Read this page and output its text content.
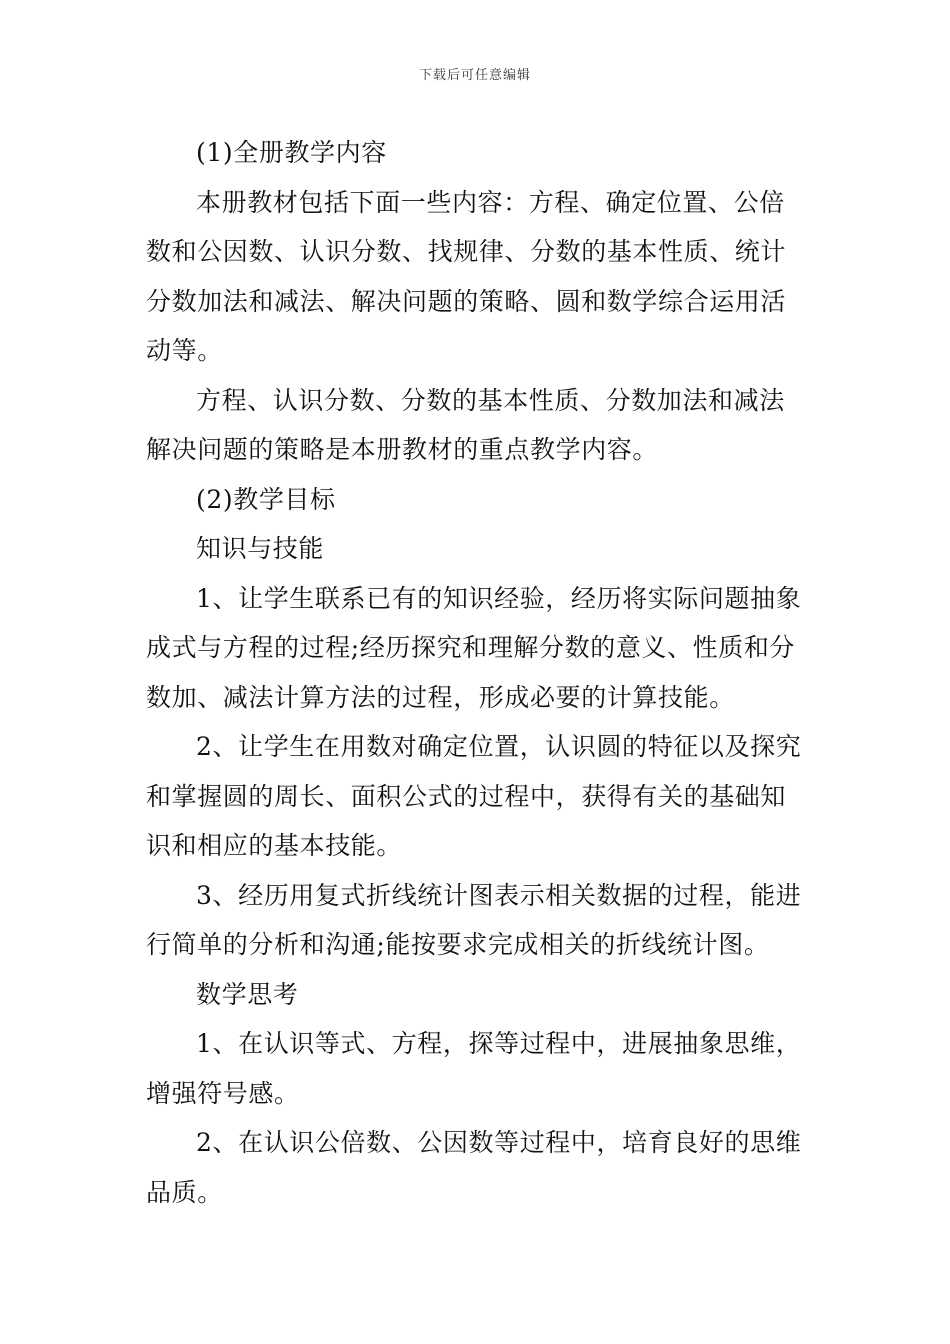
下载后可任意编辑
(1)全册教学内容
本册教材包括下面一些内容：方程、确定位置、公倍
数和公因数、认识分数、找规律、分数的基本性质、统计
分数加法和减法、解决问题的策略、圆和数学综合运用活
动等。
方程、认识分数、分数的基本性质、分数加法和减法
解决问题的策略是本册教材的重点教学内容。
(2)教学目标
知识与技能
1、让学生联系已有的知识经验，经历将实际问题抽象
成式与方程的过程;经历探究和理解分数的意义、性质和分
数加、减法计算方法的过程，形成必要的计算技能。
2、让学生在用数对确定位置，认识圆的特征以及探究
和掌握圆的周长、面积公式的过程中，获得有关的基础知
识和相应的基本技能。
3、经历用复式折线统计图表示相关数据的过程，能进
行简单的分析和沟通;能按要求完成相关的折线统计图。
数学思考
1、在认识等式、方程，探等过程中，进展抽象思维，
增强符号感。
2、在认识公倍数、公因数等过程中，培育良好的思维
品质。
